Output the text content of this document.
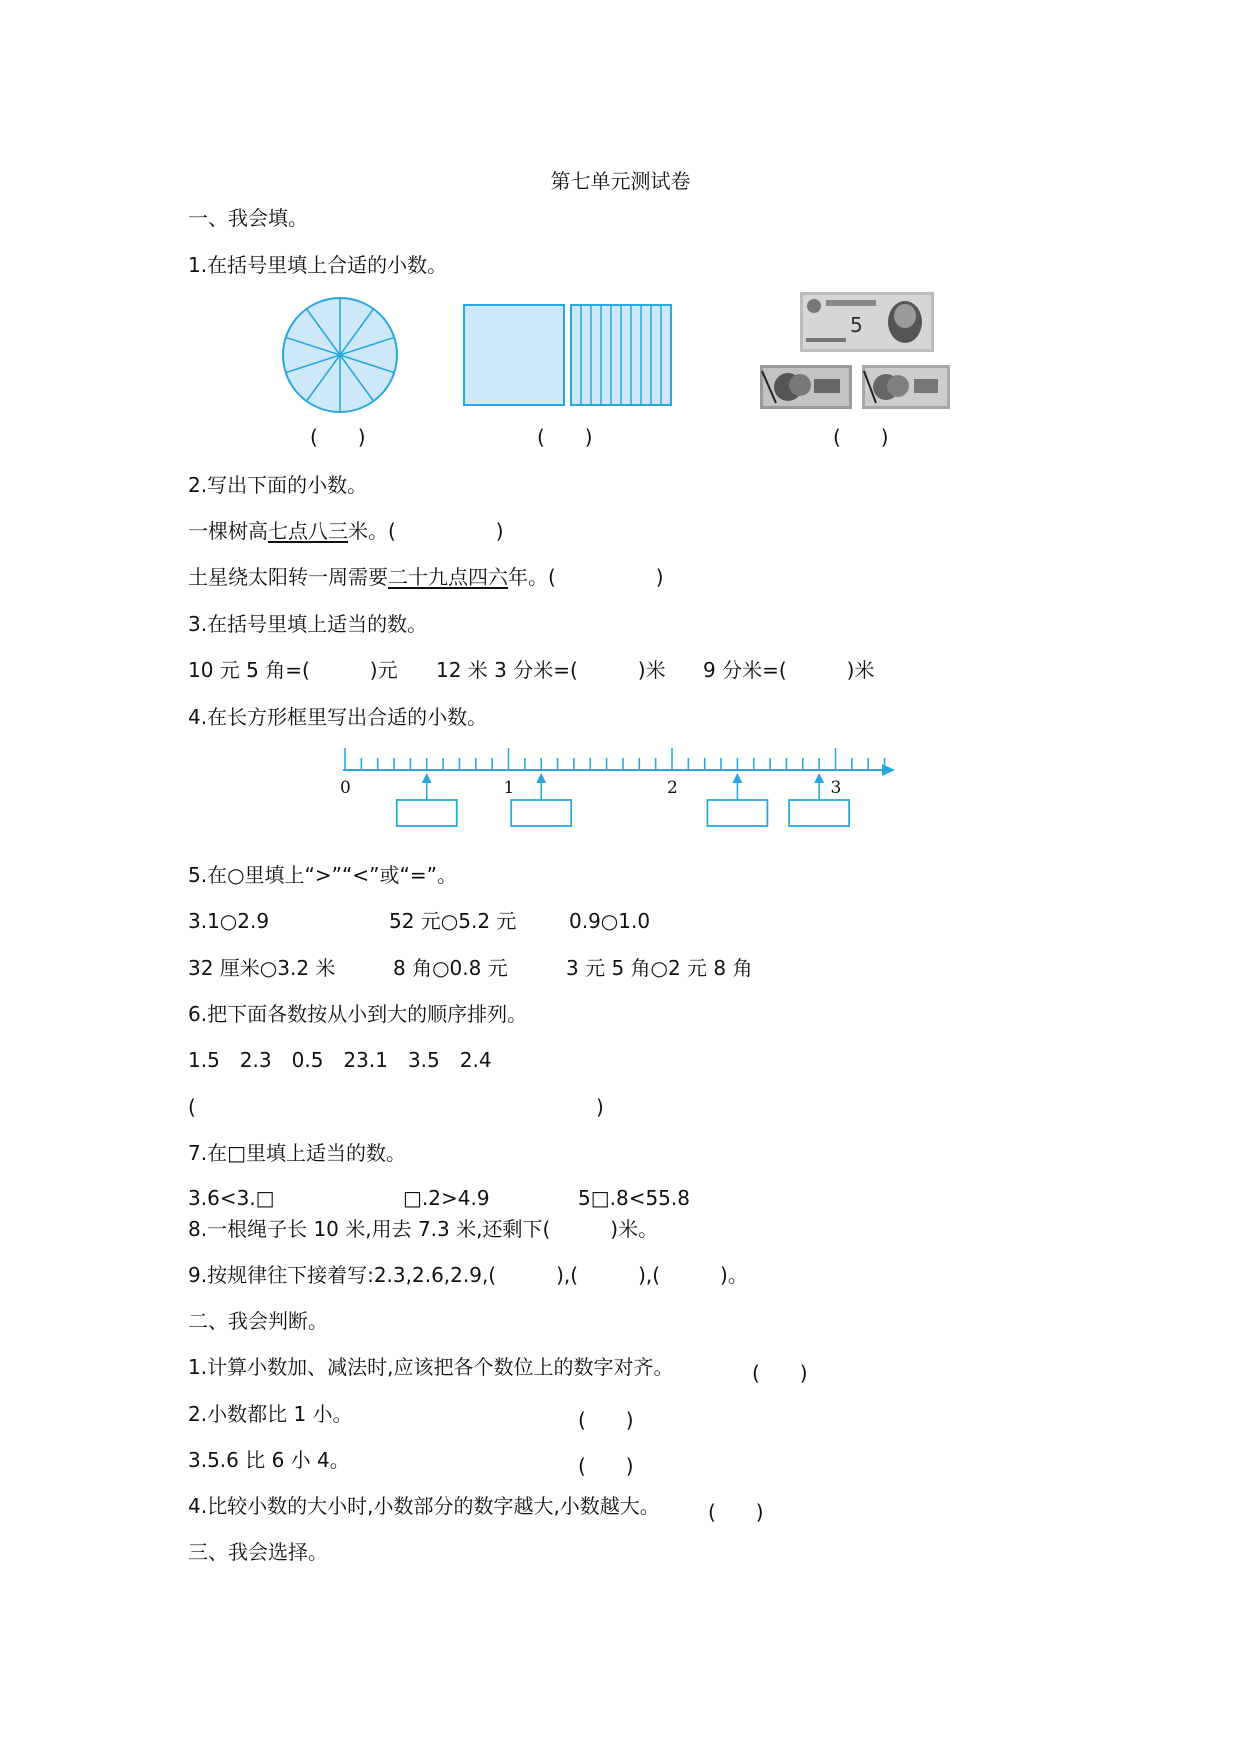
第七单元测试卷
一、我会填。
1.在括号里填上合适的小数。
5
(　　)	(　　)	(　　)
2.写出下面的小数。
一棵树高七点八三米。(　　　　　)
土星绕太阳转一周需要二十九点四六年。(　　　　　)
3.在括号里填上适当的数。
10 元 5 角=(　　　)元 12 米 3 分米=(　　　)米 9 分米=(　　　)米
4.在长方形框里写出合适的小数。
0	1	2	3
5.在○里填上“>”“<”或“=”。
3.1○2.9	52 元○5.2 元	0.9○1.0
32 厘米○3.2 米	8 角○0.8 元	3 元 5 角○2 元 8 角
6.把下面各数按从小到大的顺序排列。
1.5　2.3　0.5　23.1　3.5　2.4
(	)
7.在□里填上适当的数。
3.6<3.□	□.2>4.9	5□.8<55.8
8.一根绳子长 10 米,用去 7.3 米,还剩下(　　　)米。
9.按规律往下接着写:2.3,2.6,2.9,(　　　),(　　　),(　　　)。
二、我会判断。
1.计算小数加、减法时,应该把各个数位上的数字对齐。	(　　)
2.小数都比 1 小。	(　　)
3.5.6 比 6 小 4。	(　　)
4.比较小数的大小时,小数部分的数字越大,小数越大。 (　　)
三、我会选择。
